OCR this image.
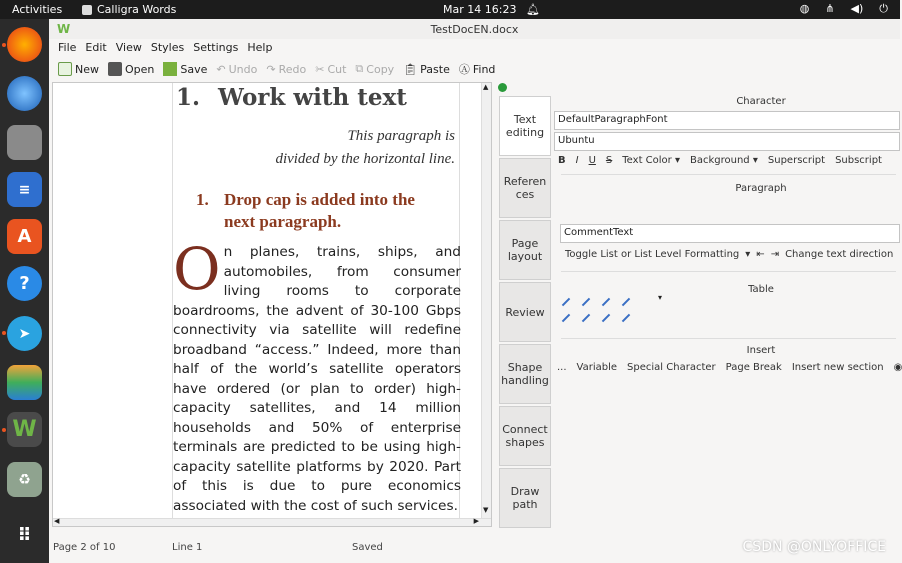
Activities	Calligra Words	Mar 14 16:23 🔔︎	◍ ⋔ ◀) ⏻
≡
A
?
➤
W
♻
⠿
W	TestDocEN.docx
File Edit View Styles Settings Help
New Open Save ↶ Undo ↷ Redo ✂ Cut ⧉ Copy 📋︎ Paste Ⓐ Find
1. Work with text
This paragraph is
divided by the horizontal line.
1. Drop cap is added into the next paragraph.
On planes, trains, ships, and automobiles, from consumer living rooms to corporate boardrooms, the advent of 30-100 Gbps connectivity via satellite will redefine broadband “access.” Indeed, more than half of the world’s satellite operators have ordered (or plan to order) high-capacity satellites, and 14 million households and 50% of enterprise terminals are predicted to be using high-capacity satellite platforms by 2020. Part of this is due to pure economics associated with the cost of such services.
▲
▼
◀	▶
Page 2 of 10	Line 1	Saved
Text editing
Referen ces
Page layout
Review
Shape handling
Connect shapes
Draw path
Character
DefaultParagraphFont
Ubuntu
B I U S Text Color ▾ Background ▾ Superscript Subscript
Paragraph
CommentText
Toggle List or List Level Formatting ▾ ⇤ ⇥ Change text direction
Table
▾
Insert
... Variable Special Character Page Break Insert new section ◉
CSDN @ONLYOFFICE
